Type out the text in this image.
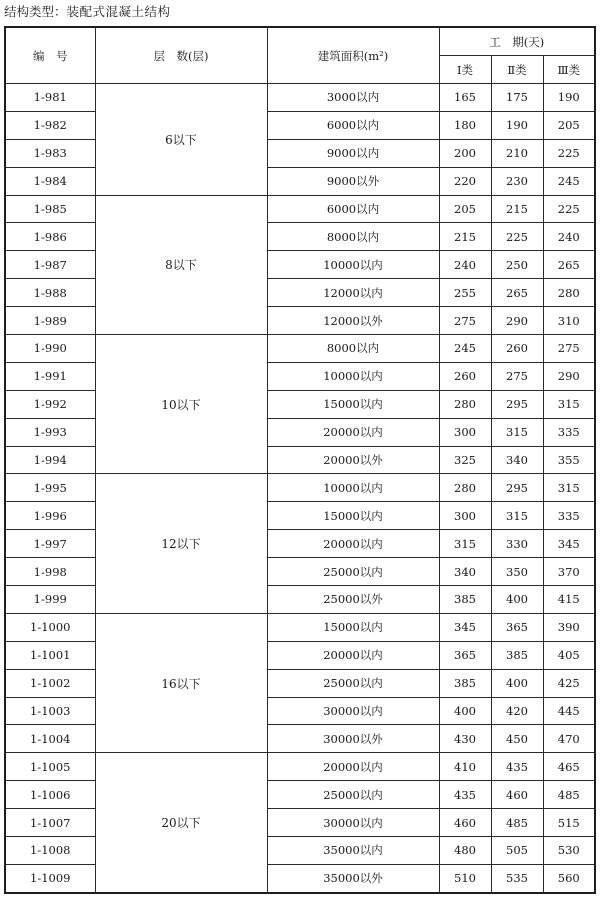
结构类型：装配式混凝土结构
编　号	层　数(层)	建筑面积(m²)	工　期(天)		
			Ⅰ类	Ⅱ类	Ⅲ类
1-981	6以下	3000以内	165	175	190
1-982		6000以内	180	190	205
1-983		9000以内	200	210	225
1-984		9000以外	220	230	245
1-985	8以下	6000以内	205	215	225
1-986		8000以内	215	225	240
1-987		10000以内	240	250	265
1-988		12000以内	255	265	280
1-989		12000以外	275	290	310
1-990	10以下	8000以内	245	260	275
1-991		10000以内	260	275	290
1-992		15000以内	280	295	315
1-993		20000以内	300	315	335
1-994		20000以外	325	340	355
1-995	12以下	10000以内	280	295	315
1-996		15000以内	300	315	335
1-997		20000以内	315	330	345
1-998		25000以内	340	350	370
1-999		25000以外	385	400	415
1-1000	16以下	15000以内	345	365	390
1-1001		20000以内	365	385	405
1-1002		25000以内	385	400	425
1-1003		30000以内	400	420	445
1-1004		30000以外	430	450	470
1-1005	20以下	20000以内	410	435	465
1-1006		25000以内	435	460	485
1-1007		30000以内	460	485	515
1-1008		35000以内	480	505	530
1-1009		35000以外	510	535	560
